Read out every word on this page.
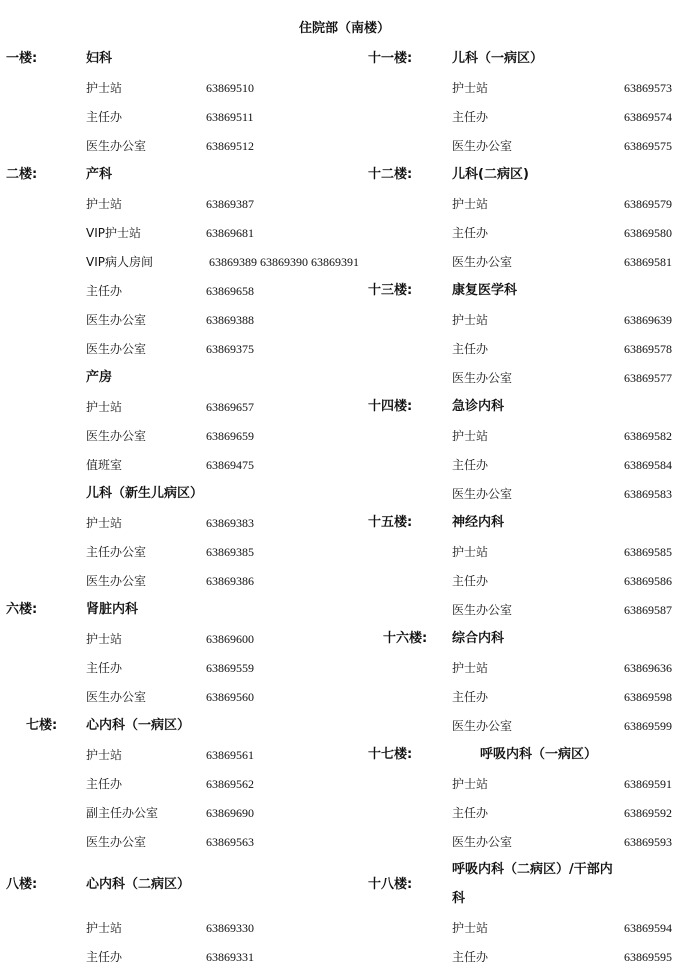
住院部（南楼）
一楼:	妇科
护士站	63869510
主任办	63869511
医生办公室	63869512
二楼:	产科
护士站	63869387
VIP护士站	63869681
VIP病人房间	63869389 63869390 63869391
主任办	63869658
医生办公室	63869388
医生办公室	63869375
产房
护士站	63869657
医生办公室	63869659
值班室	63869475
儿科（新生儿病区）
护士站	63869383
主任办公室	63869385
医生办公室	63869386
六楼:	肾脏内科
护士站	63869600
主任办	63869559
医生办公室	63869560
七楼: 心内科（一病区）
护士站	63869561
主任办	63869562
副主任办公室	63869690
医生办公室	63869563
八楼:	心内科（二病区）
护士站	63869330
主任办	63869331
十一楼:	儿科（一病区）
护士站	63869573
主任办	63869574
医生办公室	63869575
十二楼:	儿科(二病区)
护士站	63869579
主任办	63869580
医生办公室	63869581
十三楼:	康复医学科
护士站	63869639
主任办	63869578
医生办公室	63869577
十四楼:	急诊内科
护士站	63869582
主任办	63869584
医生办公室	63869583
十五楼:	神经内科
护士站	63869585
主任办	63869586
医生办公室	63869587
十六楼: 综合内科
护士站	63869636
主任办	63869598
医生办公室	63869599
十七楼:	呼吸内科（一病区）
护士站	63869591
主任办	63869592
医生办公室	63869593
十八楼:
呼吸内科（二病区）/干部内
科
护士站	63869594
主任办	63869595
